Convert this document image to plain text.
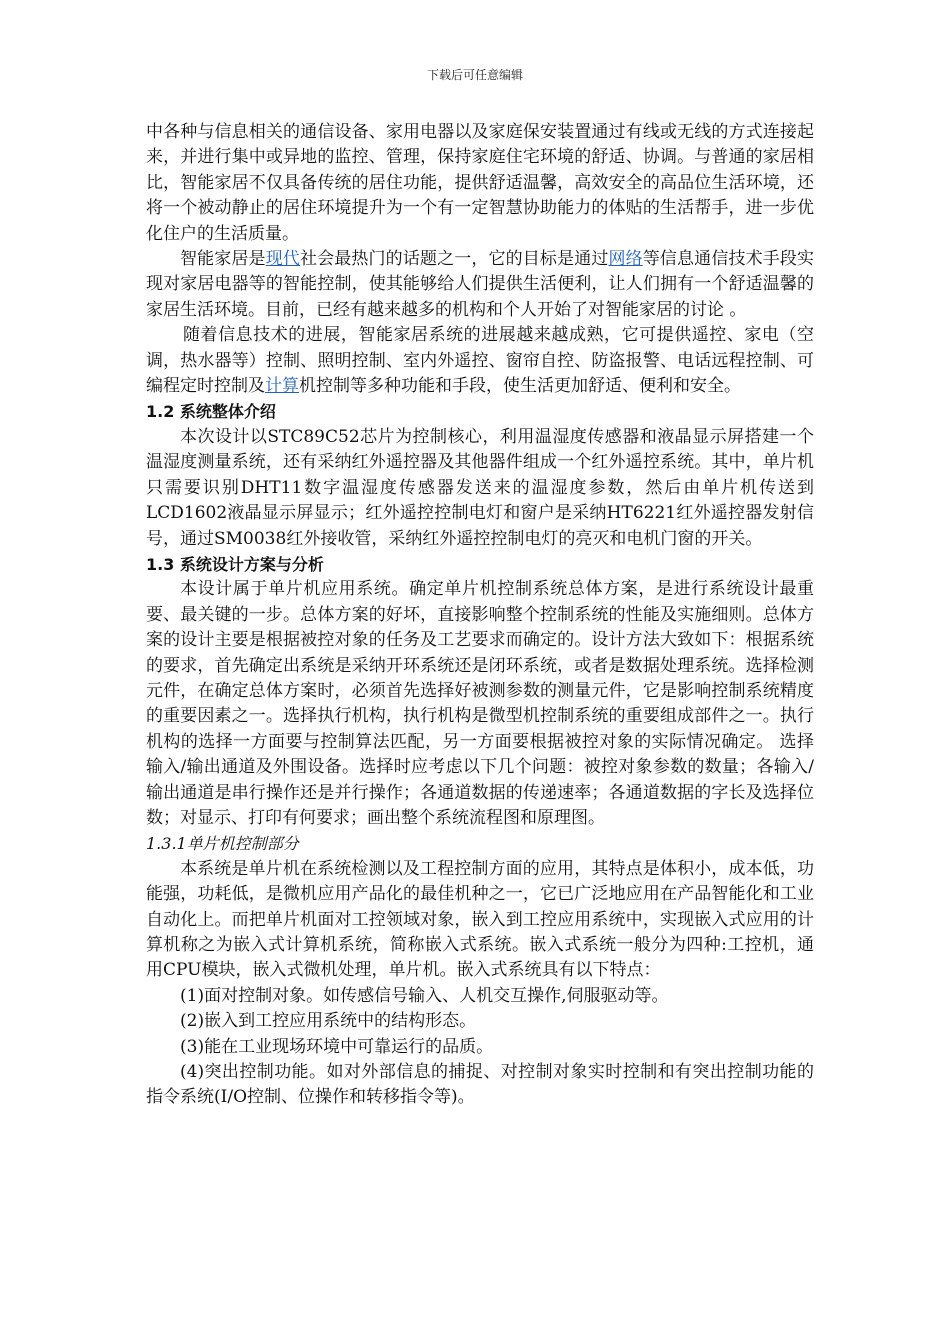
下载后可任意编辑

中各种与信息相关的通信设备、家用电器以及家庭保安装置通过有线或无线的方式连接起来，并进行集中或异地的监控、管理，保持家庭住宅环境的舒适、协调。与普通的家居相比，智能家居不仅具备传统的居住功能，提供舒适温馨，高效安全的高品位生活环境，还将一个被动静止的居住环境提升为一个有一定智慧协助能力的体贴的生活帮手，进一步优化住户的生活质量。

智能家居是现代社会最热门的话题之一，它的目标是通过网络等信息通信技术手段实现对家居电器等的智能控制，使其能够给人们提供生活便利，让人们拥有一个舒适温馨的家居生活环境。目前，已经有越来越多的机构和个人开始了对智能家居的讨论 。

随着信息技术的进展，智能家居系统的进展越来越成熟，它可提供遥控、家电（空调，热水器等）控制、照明控制、室内外遥控、窗帘自控、防盗报警、电话远程控制、可编程定时控制及计算机控制等多种功能和手段，使生活更加舒适、便利和安全。

1.2 系统整体介绍

本次设计以STC89C52芯片为控制核心，利用温湿度传感器和液晶显示屏搭建一个温湿度测量系统，还有采纳红外遥控器及其他器件组成一个红外遥控系统。其中，单片机只需要识别DHT11数字温湿度传感器发送来的温湿度参数，然后由单片机传送到LCD1602液晶显示屏显示；红外遥控控制电灯和窗户是采纳HT6221红外遥控器发射信号，通过SM0038红外接收管，采纳红外遥控控制电灯的亮灭和电机门窗的开关。

1.3 系统设计方案与分析

本设计属于单片机应用系统。确定单片机控制系统总体方案，是进行系统设计最重要、最关键的一步。总体方案的好坏，直接影响整个控制系统的性能及实施细则。总体方案的设计主要是根据被控对象的任务及工艺要求而确定的。设计方法大致如下：根据系统的要求，首先确定出系统是采纳开环系统还是闭环系统，或者是数据处理系统。选择检测元件，在确定总体方案时，必须首先选择好被测参数的测量元件，它是影响控制系统精度的重要因素之一。选择执行机构，执行机构是微型机控制系统的重要组成部件之一。执行机构的选择一方面要与控制算法匹配，另一方面要根据被控对象的实际情况确定。 选择输入/输出通道及外围设备。选择时应考虑以下几个问题：被控对象参数的数量；各输入/输出通道是串行操作还是并行操作；各通道数据的传递速率；各通道数据的字长及选择位数；对显示、打印有何要求；画出整个系统流程图和原理图。

1.3.1单片机控制部分

本系统是单片机在系统检测以及工程控制方面的应用，其特点是体积小，成本低，功能强，功耗低，是微机应用产品化的最佳机种之一，它已广泛地应用在产品智能化和工业自动化上。而把单片机面对工控领域对象，嵌入到工控应用系统中，实现嵌入式应用的计算机称之为嵌入式计算机系统，简称嵌入式系统。嵌入式系统一般分为四种:工控机，通用CPU模块，嵌入式微机处理，单片机。嵌入式系统具有以下特点：

(1)面对控制对象。如传感信号输入、人机交互操作,伺服驱动等。

(2)嵌入到工控应用系统中的结构形态。

(3)能在工业现场环境中可靠运行的品质。

(4)突出控制功能。如对外部信息的捕捉、对控制对象实时控制和有突出控制功能的指令系统(I/O控制、位操作和转移指令等)。
